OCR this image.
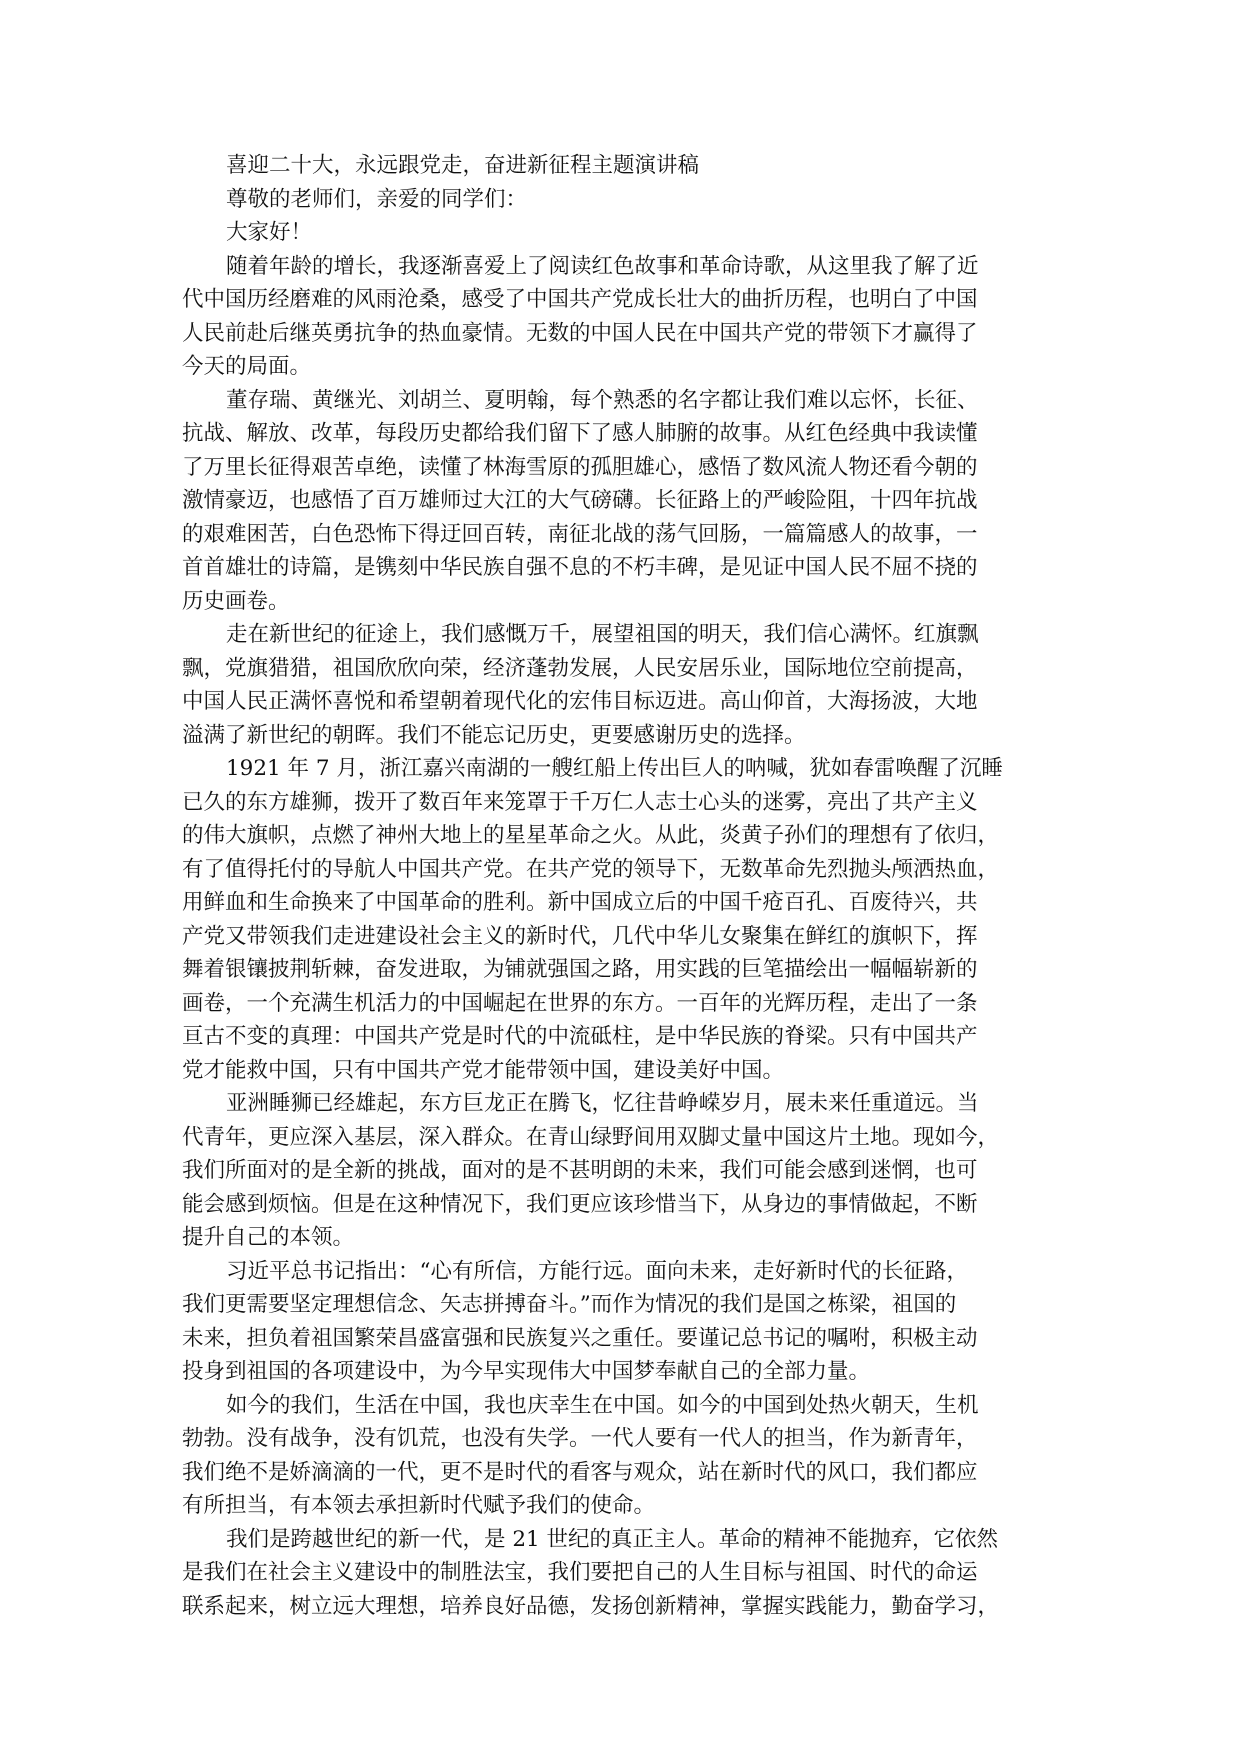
喜迎二十大，永远跟党走，奋进新征程主题演讲稿
尊敬的老师们，亲爱的同学们：
大家好！
随着年龄的增长，我逐渐喜爱上了阅读红色故事和革命诗歌，从这里我了解了近
代中国历经磨难的风雨沧桑，感受了中国共产党成长壮大的曲折历程，也明白了中国
人民前赴后继英勇抗争的热血豪情。无数的中国人民在中国共产党的带领下才赢得了
今天的局面。
董存瑞、黄继光、刘胡兰、夏明翰，每个熟悉的名字都让我们难以忘怀，长征、
抗战、解放、改革，每段历史都给我们留下了感人肺腑的故事。从红色经典中我读懂
了万里长征得艰苦卓绝，读懂了林海雪原的孤胆雄心，感悟了数风流人物还看今朝的
激情豪迈，也感悟了百万雄师过大江的大气磅礴。长征路上的严峻险阻，十四年抗战
的艰难困苦，白色恐怖下得迂回百转，南征北战的荡气回肠，一篇篇感人的故事，一
首首雄壮的诗篇，是镌刻中华民族自强不息的不朽丰碑，是见证中国人民不屈不挠的
历史画卷。
走在新世纪的征途上，我们感慨万千，展望祖国的明天，我们信心满怀。红旗飘
飘，党旗猎猎，祖国欣欣向荣，经济蓬勃发展，人民安居乐业，国际地位空前提高，
中国人民正满怀喜悦和希望朝着现代化的宏伟目标迈进。高山仰首，大海扬波，大地
溢满了新世纪的朝晖。我们不能忘记历史，更要感谢历史的选择。
1921 年 7 月，浙江嘉兴南湖的一艘红船上传出巨人的呐喊，犹如春雷唤醒了沉睡
已久的东方雄狮，拨开了数百年来笼罩于千万仁人志士心头的迷雾，亮出了共产主义
的伟大旗帜，点燃了神州大地上的星星革命之火。从此，炎黄子孙们的理想有了依归，
有了值得托付的导航人中国共产党。在共产党的领导下，无数革命先烈抛头颅洒热血，
用鲜血和生命换来了中国革命的胜利。新中国成立后的中国千疮百孔、百废待兴，共
产党又带领我们走进建设社会主义的新时代，几代中华儿女聚集在鲜红的旗帜下，挥
舞着银镶披荆斩棘，奋发进取，为铺就强国之路，用实践的巨笔描绘出一幅幅崭新的
画卷，一个充满生机活力的中国崛起在世界的东方。一百年的光辉历程，走出了一条
亘古不变的真理：中国共产党是时代的中流砥柱，是中华民族的脊梁。只有中国共产
党才能救中国，只有中国共产党才能带领中国，建设美好中国。
亚洲睡狮已经雄起，东方巨龙正在腾飞，忆往昔峥嵘岁月，展未来任重道远。当
代青年，更应深入基层，深入群众。在青山绿野间用双脚丈量中国这片土地。现如今，
我们所面对的是全新的挑战，面对的是不甚明朗的未来，我们可能会感到迷惘，也可
能会感到烦恼。但是在这种情况下，我们更应该珍惜当下，从身边的事情做起，不断
提升自己的本领。
习近平总书记指出：“心有所信，方能行远。面向未来，走好新时代的长征路，
我们更需要坚定理想信念、矢志拼搏奋斗。”而作为情况的我们是国之栋梁，祖国的
未来，担负着祖国繁荣昌盛富强和民族复兴之重任。要谨记总书记的嘱咐，积极主动
投身到祖国的各项建设中，为今早实现伟大中国梦奉献自己的全部力量。
如今的我们，生活在中国，我也庆幸生在中国。如今的中国到处热火朝天，生机
勃勃。没有战争，没有饥荒，也没有失学。一代人要有一代人的担当，作为新青年，
我们绝不是娇滴滴的一代，更不是时代的看客与观众，站在新时代的风口，我们都应
有所担当，有本领去承担新时代赋予我们的使命。
我们是跨越世纪的新一代，是 21 世纪的真正主人。革命的精神不能抛弃，它依然
是我们在社会主义建设中的制胜法宝，我们要把自己的人生目标与祖国、时代的命运
联系起来，树立远大理想，培养良好品德，发扬创新精神，掌握实践能力，勤奋学习，
